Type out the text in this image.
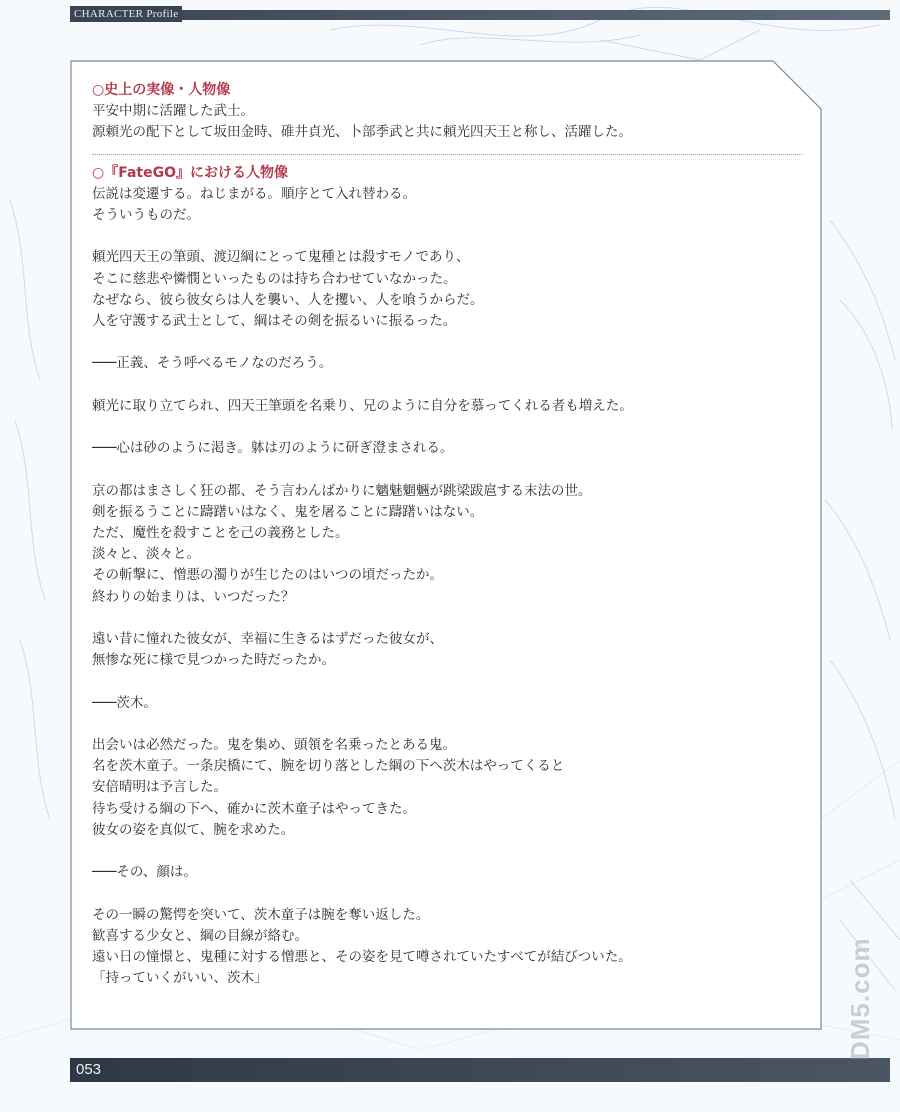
CHARACTER Profile

○史上の実像・人物像

平安中期に活躍した武士。

源頼光の配下として坂田金時、碓井貞光、卜部季武と共に頼光四天王と称し、活躍した。

○『FateGO』における人物像

伝説は変遷する。ねじまがる。順序とて入れ替わる。

そういうものだ。

頼光四天王の筆頭、渡辺綱にとって鬼種とは殺すモノであり、

そこに慈悲や憐憫といったものは持ち合わせていなかった。

なぜなら、彼ら彼女らは人を襲い、人を攫い、人を喰うからだ。

人を守護する武士として、綱はその剣を振るいに振るった。

───正義、そう呼べるモノなのだろう。

頼光に取り立てられ、四天王筆頭を名乗り、兄のように自分を慕ってくれる者も増えた。

───心は砂のように渇き。躰は刃のように研ぎ澄まされる。

京の都はまさしく狂の都、そう言わんばかりに魑魅魍魎が跳梁跋扈する末法の世。

剣を振るうことに躊躇いはなく、鬼を屠ることに躊躇いはない。

ただ、魔性を殺すことを己の義務とした。

淡々と、淡々と。

その斬撃に、憎悪の濁りが生じたのはいつの頃だったか。

終わりの始まりは、いつだった？

遠い昔に憧れた彼女が、幸福に生きるはずだった彼女が、

無惨な死に様で見つかった時だったか。

───茨木。

出会いは必然だった。鬼を集め、頭領を名乗ったとある鬼。

名を茨木童子。一条戻橋にて、腕を切り落とした綱の下へ茨木はやってくると

安倍晴明は予言した。

待ち受ける綱の下へ、確かに茨木童子はやってきた。

彼女の姿を真似て、腕を求めた。

───その、顔は。

その一瞬の驚愕を突いて、茨木童子は腕を奪い返した。

歓喜する少女と、綱の目線が絡む。

遠い日の憧憬と、鬼種に対する憎悪と、その姿を見て噂されていたすべてが結びついた。

「持っていくがいい、茨木」

053
DM5.com
